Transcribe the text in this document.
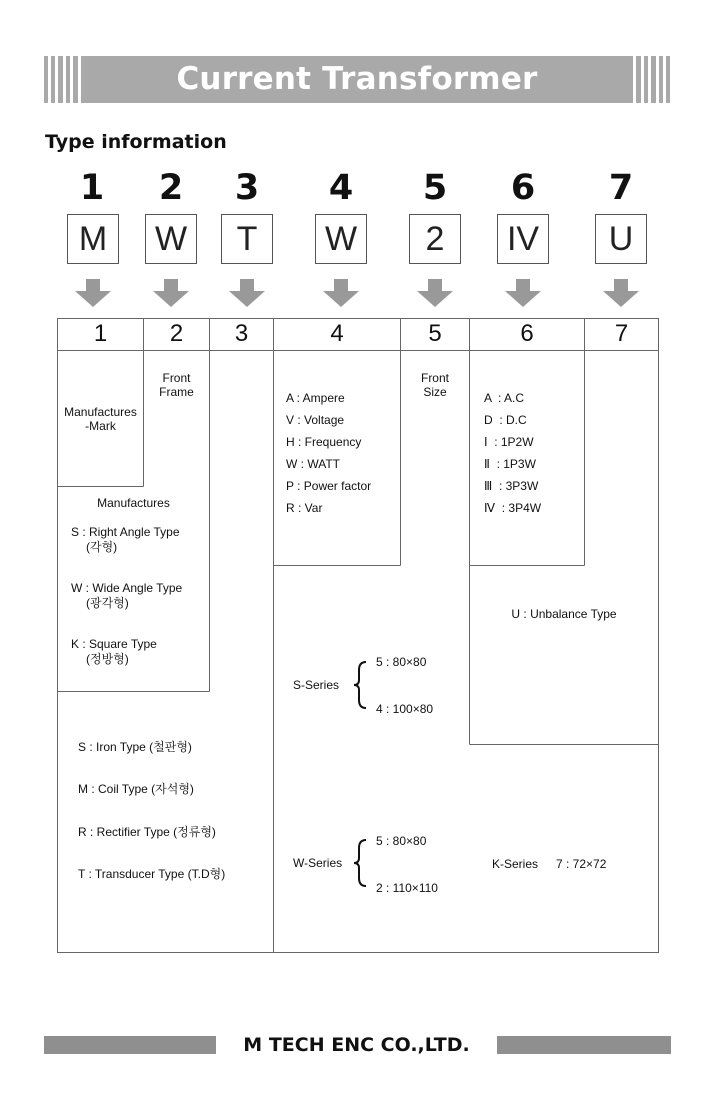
Current Transformer
Type information
1	2	3	4	5	6	7
M	W	T	W	2	IV	U
1	2	3	4	5	6	7
Manufactures
-Mark
Front
Frame
Manufactures
S : Right Angle Type
(각형)
W : Wide Angle Type
(광각형)
K : Square Type
(정방형)
S : Iron Type (철판형)
M : Coil Type (자석형)
R : Rectifier Type (정류형)
T : Transducer Type (T.D형)
A : Ampere
V : Voltage
H : Frequency
W : WATT
P : Power factor
R : Var
Front
Size	A  : A.C
D  : D.C
Ⅰ  : 1P2W
Ⅱ  : 1P3W
Ⅲ  : 3P3W
Ⅳ  : 3P4W
U : Unbalance Type
S-Series
5 : 80×80
4 : 100×80
W-Series
5 : 80×80
2 : 110×110
K-Series 7 : 72×72
M TECH ENC CO.,LTD.
